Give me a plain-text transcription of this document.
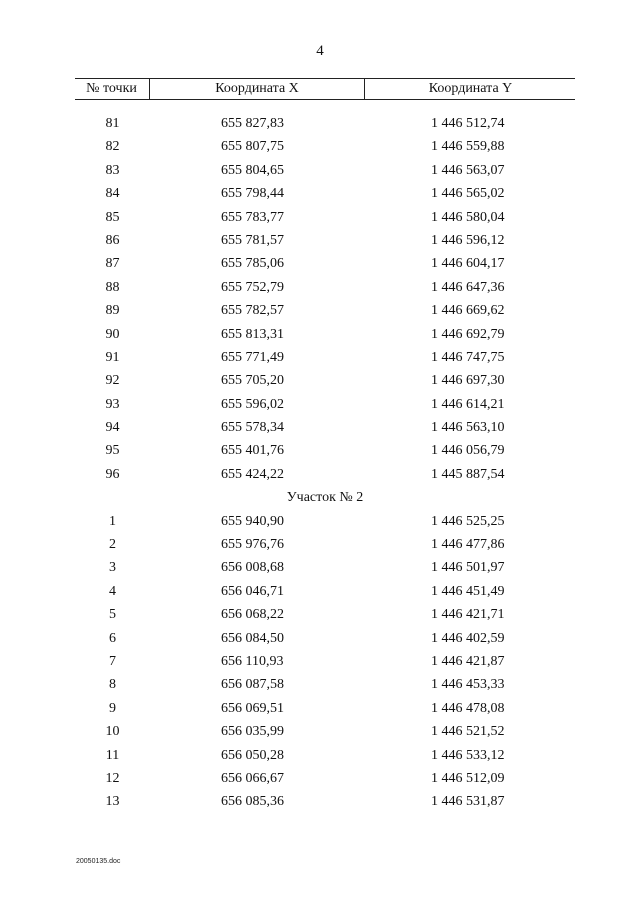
4
№ точки	Координата X	Координата Y
81	655 827,83	1 446 512,74
82	655 807,75	1 446 559,88
83	655 804,65	1 446 563,07
84	655 798,44	1 446 565,02
85	655 783,77	1 446 580,04
86	655 781,57	1 446 596,12
87	655 785,06	1 446 604,17
88	655 752,79	1 446 647,36
89	655 782,57	1 446 669,62
90	655 813,31	1 446 692,79
91	655 771,49	1 446 747,75
92	655 705,20	1 446 697,30
93	655 596,02	1 446 614,21
94	655 578,34	1 446 563,10
95	655 401,76	1 446 056,79
96	655 424,22	1 445 887,54
Участок № 2
1	655 940,90	1 446 525,25
2	655 976,76	1 446 477,86
3	656 008,68	1 446 501,97
4	656 046,71	1 446 451,49
5	656 068,22	1 446 421,71
6	656 084,50	1 446 402,59
7	656 110,93	1 446 421,87
8	656 087,58	1 446 453,33
9	656 069,51	1 446 478,08
10	656 035,99	1 446 521,52
11	656 050,28	1 446 533,12
12	656 066,67	1 446 512,09
13	656 085,36	1 446 531,87
20050135.doc
